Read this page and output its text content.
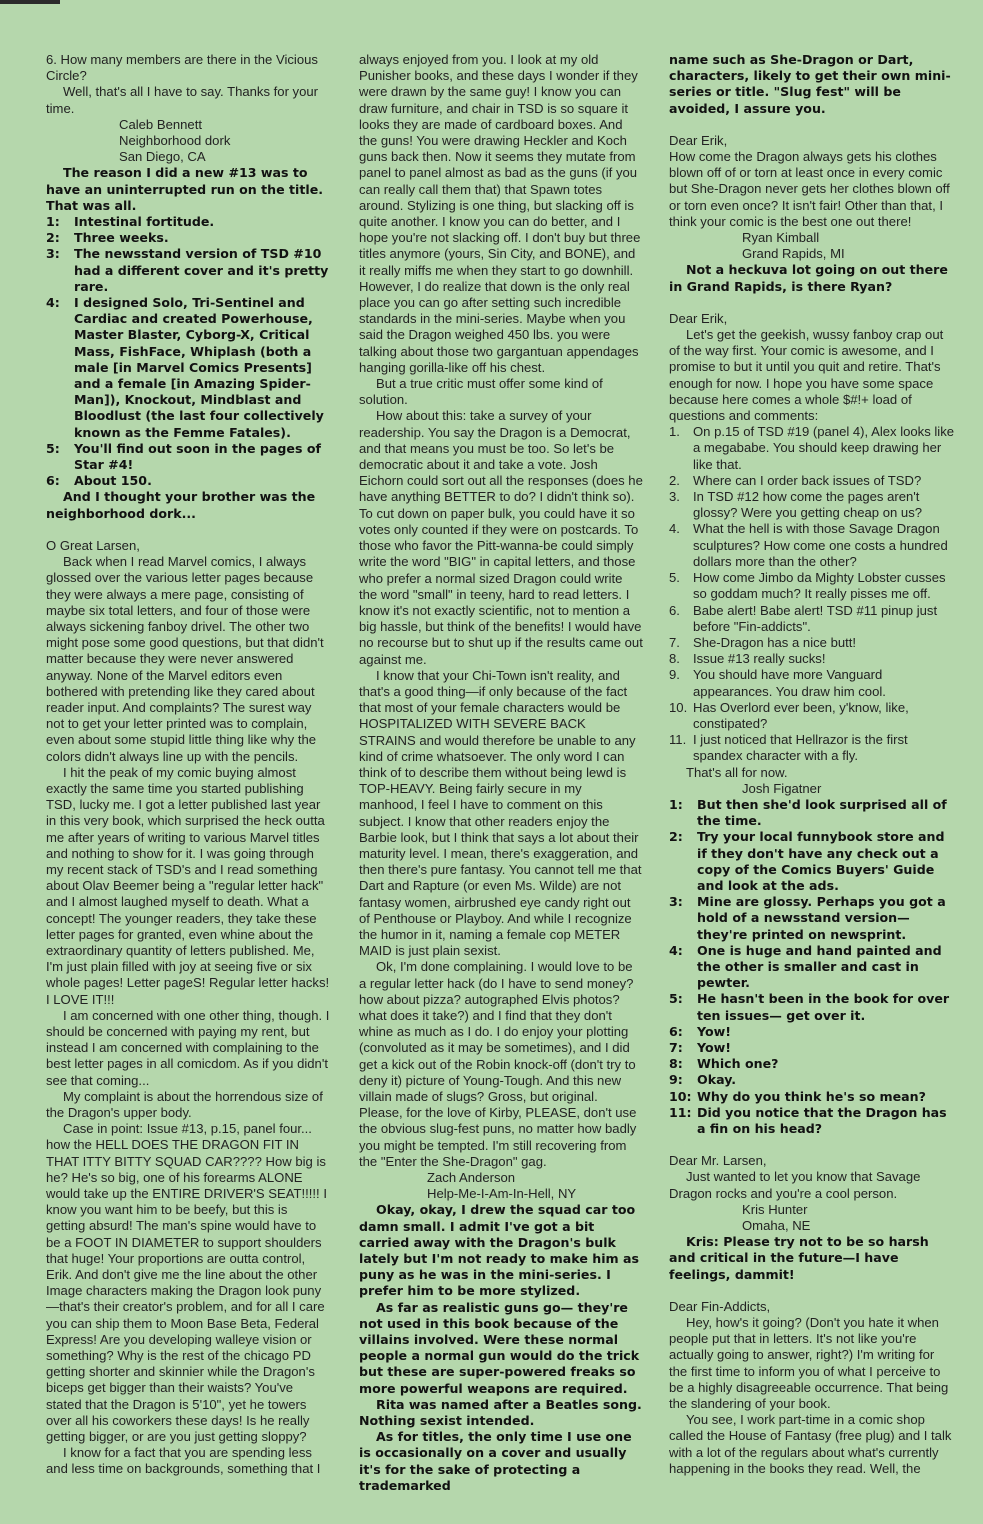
6. How many members are there in the Vicious Circle?

Well, that's all I have to say. Thanks for your time.

Caleb Bennett

Neighborhood dork

San Diego, CA

The reason I did a new #13 was to have an uninterrupted run on the title. That was all.

1:	Intestinal fortitude.
2:	Three weeks.
3:	The newsstand version of TSD #10 had a different cover and it's pretty rare.
4:	I designed Solo, Tri-Sentinel and Cardiac and created Powerhouse, Master Blaster, Cyborg-X, Critical Mass, FishFace, Whiplash (both a male [in Marvel Comics Presents] and a female [in Amazing Spider-Man]), Knockout, Mindblast and Bloodlust (the last four collectively known as the Femme Fatales).
5:	You'll find out soon in the pages of Star #4!
6:	About 150.

And I thought your brother was the neighborhood dork...

O Great Larsen,

Back when I read Marvel comics, I always glossed over the various letter pages because they were always a mere page, consisting of maybe six total letters, and four of those were always sickening fanboy drivel. The other two might pose some good questions, but that didn't matter because they were never answered anyway. None of the Marvel editors even bothered with pretending like they cared about reader input. And complaints? The surest way not to get your letter printed was to complain, even about some stupid little thing like why the colors didn't always line up with the pencils.

I hit the peak of my comic buying almost exactly the same time you started publishing TSD, lucky me. I got a letter published last year in this very book, which surprised the heck outta me after years of writing to various Marvel titles and nothing to show for it. I was going through my recent stack of TSD's and I read something about Olav Beemer being a "regular letter hack" and I almost laughed myself to death. What a concept! The younger readers, they take these letter pages for granted, even whine about the extraordinary quantity of letters published. Me, I'm just plain filled with joy at seeing five or six whole pages! Letter pageS! Regular letter hacks! I LOVE IT!!!

I am concerned with one other thing, though. I should be concerned with paying my rent, but instead I am concerned with complaining to the best letter pages in all comicdom. As if you didn't see that coming...

My complaint is about the horrendous size of the Dragon's upper body.

Case in point: Issue #13, p.15, panel four... how the HELL DOES THE DRAGON FIT IN THAT ITTY BITTY SQUAD CAR???? How big is he? He's so big, one of his forearms ALONE would take up the ENTIRE DRIVER'S SEAT!!!!! I know you want him to be beefy, but this is getting absurd! The man's spine would have to be a FOOT IN DIAMETER to support shoulders that huge! Your proportions are outta control, Erik. And don't give me the line about the other Image characters making the Dragon look puny—that's their creator's problem, and for all I care you can ship them to Moon Base Beta, Federal Express! Are you developing walleye vision or something? Why is the rest of the chicago PD getting shorter and skinnier while the Dragon's biceps get bigger than their waists? You've stated that the Dragon is 5'10", yet he towers over all his coworkers these days! Is he really getting bigger, or are you just getting sloppy?

I know for a fact that you are spending less and less time on backgrounds, something that I

always enjoyed from you. I look at my old Punisher books, and these days I wonder if they were drawn by the same guy! I know you can draw furniture, and chair in TSD is so square it looks they are made of cardboard boxes. And the guns! You were drawing Heckler and Koch guns back then. Now it seems they mutate from panel to panel almost as bad as the guns (if you can really call them that) that Spawn totes around. Stylizing is one thing, but slacking off is quite another. I know you can do better, and I hope you're not slacking off. I don't buy but three titles anymore (yours, Sin City, and BONE), and it really miffs me when they start to go downhill. However, I do realize that down is the only real place you can go after setting such incredible standards in the mini-series. Maybe when you said the Dragon weighed 450 lbs. you were talking about those two gargantuan appendages hanging gorilla-like off his chest.

But a true critic must offer some kind of solution.

How about this: take a survey of your readership. You say the Dragon is a Democrat, and that means you must be too. So let's be democratic about it and take a vote. Josh Eichorn could sort out all the responses (does he have anything BETTER to do? I didn't think so). To cut down on paper bulk, you could have it so votes only counted if they were on postcards. To those who favor the Pitt-wanna-be could simply write the word "BIG" in capital letters, and those who prefer a normal sized Dragon could write the word "small" in teeny, hard to read letters. I know it's not exactly scientific, not to mention a big hassle, but think of the benefits! I would have no recourse but to shut up if the results came out against me.

I know that your Chi-Town isn't reality, and that's a good thing—if only because of the fact that most of your female characters would be HOSPITALIZED WITH SEVERE BACK STRAINS and would therefore be unable to any kind of crime whatsoever. The only word I can think of to describe them without being lewd is TOP-HEAVY. Being fairly secure in my manhood, I feel I have to comment on this subject. I know that other readers enjoy the Barbie look, but I think that says a lot about their maturity level. I mean, there's exaggeration, and then there's pure fantasy. You cannot tell me that Dart and Rapture (or even Ms. Wilde) are not fantasy women, airbrushed eye candy right out of Penthouse or Playboy. And while I recognize the humor in it, naming a female cop METER MAID is just plain sexist.

Ok, I'm done complaining. I would love to be a regular letter hack (do I have to send money? how about pizza? autographed Elvis photos? what does it take?) and I find that they don't whine as much as I do. I do enjoy your plotting (convoluted as it may be sometimes), and I did get a kick out of the Robin knock-off (don't try to deny it) picture of Young-Tough. And this new villain made of slugs? Gross, but original. Please, for the love of Kirby, PLEASE, don't use the obvious slug-fest puns, no matter how badly you might be tempted. I'm still recovering from the "Enter the She-Dragon" gag.

Zach Anderson

Help-Me-I-Am-In-Hell, NY

Okay, okay, I drew the squad car too damn small. I admit I've got a bit carried away with the Dragon's bulk lately but I'm not ready to make him as puny as he was in the mini-series. I prefer him to be more stylized.

As far as realistic guns go— they're not used in this book because of the villains involved. Were these normal people a normal gun would do the trick but these are super-powered freaks so more powerful weapons are required.

Rita was named after a Beatles song. Nothing sexist intended.

As for titles, the only time I use one is occasionally on a cover and usually it's for the sake of protecting a trademarked

name such as She-Dragon or Dart, characters, likely to get their own mini-series or title. "Slug fest" will be avoided, I assure you.

Dear Erik,

How come the Dragon always gets his clothes blown off of or torn at least once in every comic but She-Dragon never gets her clothes blown off or torn even once? It isn't fair! Other than that, I think your comic is the best one out there!

Ryan Kimball

Grand Rapids, MI

Not a heckuva lot going on out there in Grand Rapids, is there Ryan?

Dear Erik,

Let's get the geekish, wussy fanboy crap out of the way first. Your comic is awesome, and I promise to but it until you quit and retire. That's enough for now. I hope you have some space because here comes a whole $#!+ load of questions and comments:

1. On p.15 of TSD #19 (panel 4), Alex looks like a megababe. You should keep drawing her like that.
2. Where can I order back issues of TSD?
3. In TSD #12 how come the pages aren't glossy? Were you getting cheap on us?
4. What the hell is with those Savage Dragon sculptures? How come one costs a hundred dollars more than the other?
5. How come Jimbo da Mighty Lobster cusses so goddam much? It really pisses me off.
6. Babe alert! Babe alert! TSD #11 pinup just before "Fin-addicts".
7. She-Dragon has a nice butt!
8. Issue #13 really sucks!
9. You should have more Vanguard appearances. You draw him cool.
10. Has Overlord ever been, y'know, like, constipated?
11. I just noticed that Hellrazor is the first spandex character with a fly.

That's all for now.

Josh Figatner

1:	But then she'd look surprised all of the time.
2:	Try your local funnybook store and if they don't have any check out a copy of the Comics Buyers' Guide and look at the ads.
3:	Mine are glossy. Perhaps you got a hold of a newsstand version— they're printed on newsprint.
4:	One is huge and hand painted and the other is smaller and cast in pewter.
5:	He hasn't been in the book for over ten issues— get over it.
6:	Yow!
7:	Yow!
8:	Which one?
9:	Okay.
10: Why do you think he's so mean?
11: Did you notice that the Dragon has a fin on his head?

Dear Mr. Larsen,

Just wanted to let you know that Savage Dragon rocks and you're a cool person.

Kris Hunter

Omaha, NE

Kris: Please try not to be so harsh and critical in the future—I have feelings, dammit!

Dear Fin-Addicts,

Hey, how's it going? (Don't you hate it when people put that in letters. It's not like you're actually going to answer, right?) I'm writing for the first time to inform you of what I perceive to be a highly disagreeable occurrence. That being the slandering of your book.

You see, I work part-time in a comic shop called the House of Fantasy (free plug) and I talk with a lot of the regulars about what's currently happening in the books they read. Well, the
